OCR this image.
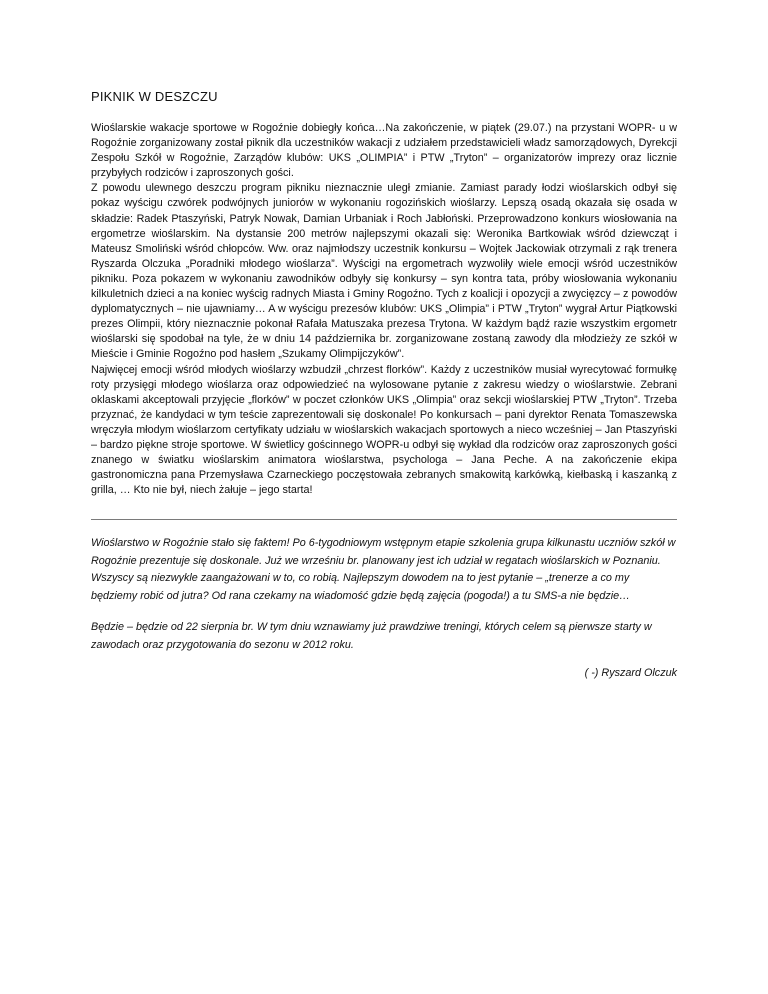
PIKNIK W DESZCZU

Wioślarskie wakacje sportowe w Rogoźnie dobiegły końca…Na zakończenie, w piątek (29.07.) na przystani WOPR- u w Rogoźnie zorganizowany został piknik dla uczestników wakacji z udziałem przedstawicieli władz samorządowych, Dyrekcji Zespołu Szkół w Rogoźnie, Zarządów klubów: UKS „OLIMPIA” i PTW „Tryton” – organizatorów imprezy oraz licznie przybyłych rodziców i zaproszonych gości.

Z powodu ulewnego deszczu program pikniku nieznacznie uległ zmianie. Zamiast parady łodzi wioślarskich odbył się pokaz wyścigu czwórek podwójnych juniorów w wykonaniu rogozińskich wioślarzy. Lepszą osadą okazała się osada w składzie: Radek Ptaszyński, Patryk Nowak, Damian Urbaniak i Roch Jabłoński. Przeprowadzono konkurs wiosłowania na ergometrze wioślarskim. Na dystansie 200 metrów najlepszymi okazali się: Weronika Bartkowiak wśród dziewcząt i Mateusz Smoliński wśród chłopców. Ww. oraz najmłodszy uczestnik konkursu – Wojtek Jackowiak otrzymali z rąk trenera Ryszarda Olczuka „Poradniki młodego wioślarza”. Wyścigi na ergometrach wyzwoliły wiele emocji wśród uczestników pikniku. Poza pokazem w wykonaniu zawodników odbyły się konkursy – syn kontra tata, próby wiosłowania wykonaniu kilkuletnich dzieci a na koniec wyścig radnych Miasta i Gminy Rogoźno. Tych z koalicji i opozycji a zwycięzcy – z powodów dyplomatycznych – nie ujawniamy… A w wyścigu prezesów klubów: UKS „Olimpia” i PTW „Tryton” wygrał Artur Piątkowski prezes Olimpii, który nieznacznie pokonał Rafała Matuszaka prezesa Trytona. W każdym bądź razie wszystkim ergometr wioślarski się spodobał na tyle, że w dniu 14 października br. zorganizowane zostaną zawody dla młodzieży ze szkół w Mieście i Gminie Rogoźno pod hasłem „Szukamy Olimpijczyków”.

Najwięcej emocji wśród młodych wioślarzy wzbudził „chrzest florków”. Każdy z uczestników musiał wyrecytować formułkę roty przysięgi młodego wioślarza oraz odpowiedzieć na wylosowane pytanie z zakresu wiedzy o wioślarstwie. Zebrani oklaskami akceptowali przyjęcie „florków” w poczet członków UKS „Olimpia” oraz sekcji wioślarskiej PTW „Tryton”. Trzeba przyznać, że kandydaci w tym teście zaprezentowali się doskonale! Po konkursach – pani dyrektor Renata Tomaszewska wręczyła młodym wioślarzom certyfikaty udziału w wioślarskich wakacjach sportowych a nieco wcześniej – Jan Ptaszyński – bardzo piękne stroje sportowe. W świetlicy gościnnego WOPR-u odbył się wykład dla rodziców oraz zaproszonych gości znanego w światku wioślarskim animatora wioślarstwa, psychologa – Jana Peche. A na zakończenie ekipa gastronomiczna pana Przemysława Czarneckiego poczęstowała zebranych smakowitą karkówką, kiełbaską i kaszanką z grilla, … Kto nie był, niech żałuje – jego starta!

Wioślarstwo w Rogoźnie stało się faktem! Po 6-tygodniowym wstępnym etapie szkolenia grupa kilkunastu uczniów szkół w Rogoźnie prezentuje się doskonale. Już we wrześniu br. planowany jest ich udział w regatach wioślarskich w Poznaniu. Wszyscy są niezwykle zaangażowani w to, co robią. Najlepszym dowodem na to jest pytanie – „trenerze a co my będziemy robić od jutra? Od rana czekamy na wiadomość gdzie będą zajęcia (pogoda!) a tu SMS-a nie będzie…

Będzie – będzie od 22 sierpnia br. W tym dniu wznawiamy już prawdziwe treningi, których celem są pierwsze starty w zawodach oraz przygotowania do sezonu w 2012 roku.

( -) Ryszard Olczuk
